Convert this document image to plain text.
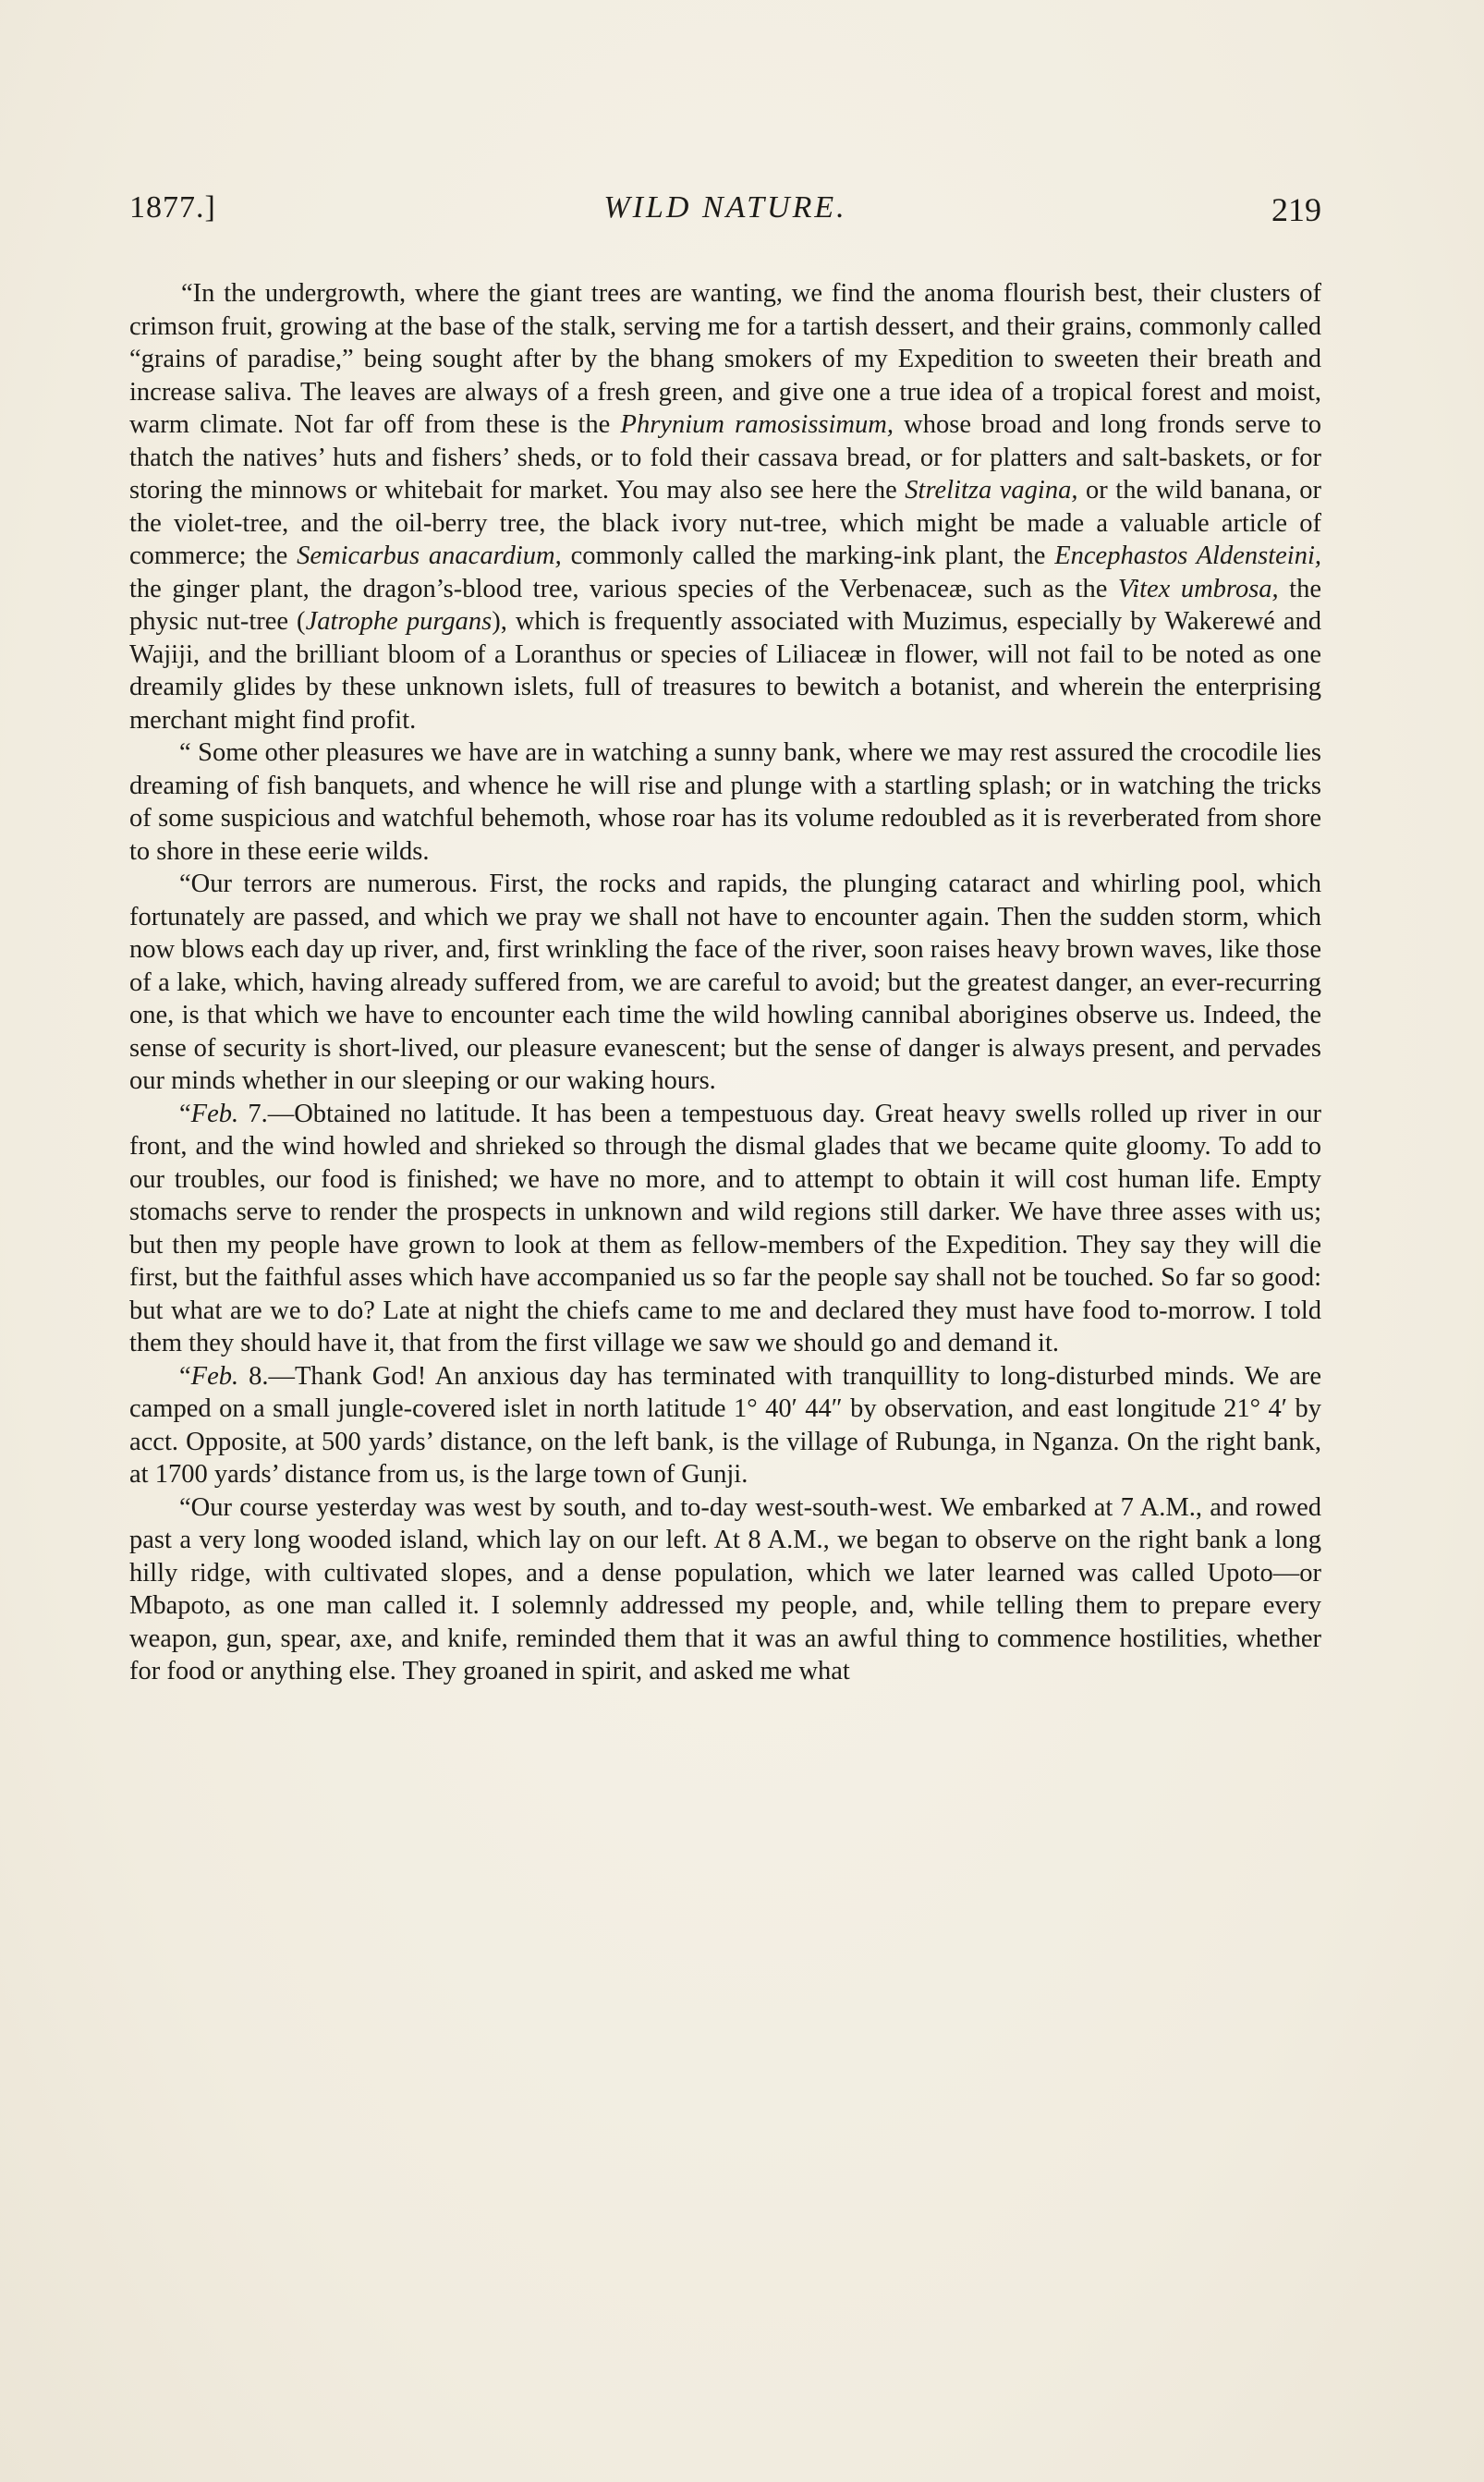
1877.]	WILD NATURE.	219

“In the undergrowth, where the giant trees are wanting, we find the anoma flourish best, their clusters of crimson fruit, growing at the base of the stalk, serving me for a tartish dessert, and their grains, commonly called “grains of paradise,” being sought after by the bhang smokers of my Expedition to sweeten their breath and increase saliva. The leaves are always of a fresh green, and give one a true idea of a tropical forest and moist, warm climate. Not far off from these is the Phrynium ramosissimum, whose broad and long fronds serve to thatch the natives’ huts and fishers’ sheds, or to fold their cassava bread, or for platters and salt-baskets, or for storing the minnows or whitebait for market. You may also see here the Strelitza vagina, or the wild banana, or the violet-tree, and the oil-berry tree, the black ivory nut-tree, which might be made a valuable article of commerce; the Semicarbus anacardium, commonly called the marking-ink plant, the Encephastos Aldensteini, the ginger plant, the dragon’s-blood tree, various species of the Verbenaceæ, such as the Vitex umbrosa, the physic nut-tree (Jatrophe purgans), which is frequently associated with Muzimus, especially by Wakerewé and Wajiji, and the brilliant bloom of a Loranthus or species of Liliaceæ in flower, will not fail to be noted as one dreamily glides by these unknown islets, full of treasures to bewitch a botanist, and wherein the enterprising merchant might find profit.

“ Some other pleasures we have are in watching a sunny bank, where we may rest assured the crocodile lies dreaming of fish banquets, and whence he will rise and plunge with a startling splash; or in watching the tricks of some suspicious and watchful behemoth, whose roar has its volume redoubled as it is reverberated from shore to shore in these eerie wilds.

“Our terrors are numerous. First, the rocks and rapids, the plunging cataract and whirling pool, which fortunately are passed, and which we pray we shall not have to encounter again. Then the sudden storm, which now blows each day up river, and, first wrinkling the face of the river, soon raises heavy brown waves, like those of a lake, which, having already suffered from, we are careful to avoid; but the greatest danger, an ever-recurring one, is that which we have to encounter each time the wild howling cannibal aborigines observe us. Indeed, the sense of security is short-lived, our pleasure evanescent; but the sense of danger is always present, and pervades our minds whether in our sleeping or our waking hours.

“Feb. 7.—Obtained no latitude. It has been a tempestuous day. Great heavy swells rolled up river in our front, and the wind howled and shrieked so through the dismal glades that we became quite gloomy. To add to our troubles, our food is finished; we have no more, and to attempt to obtain it will cost human life. Empty stomachs serve to render the prospects in unknown and wild regions still darker. We have three asses with us; but then my people have grown to look at them as fellow-members of the Expedition. They say they will die first, but the faithful asses which have accompanied us so far the people say shall not be touched. So far so good: but what are we to do? Late at night the chiefs came to me and declared they must have food to-morrow. I told them they should have it, that from the first village we saw we should go and demand it.

“Feb. 8.—Thank God! An anxious day has terminated with tranquillity to long-disturbed minds. We are camped on a small jungle-covered islet in north latitude 1° 40′ 44″ by observation, and east longitude 21° 4′ by acct. Opposite, at 500 yards’ distance, on the left bank, is the village of Rubunga, in Nganza. On the right bank, at 1700 yards’ distance from us, is the large town of Gunji.

“Our course yesterday was west by south, and to-day west-south-west. We embarked at 7 A.M., and rowed past a very long wooded island, which lay on our left. At 8 A.M., we began to observe on the right bank a long hilly ridge, with cultivated slopes, and a dense population, which we later learned was called Upoto—or Mbapoto, as one man called it. I solemnly addressed my people, and, while telling them to prepare every weapon, gun, spear, axe, and knife, reminded them that it was an awful thing to commence hostilities, whether for food or anything else. They groaned in spirit, and asked me what
